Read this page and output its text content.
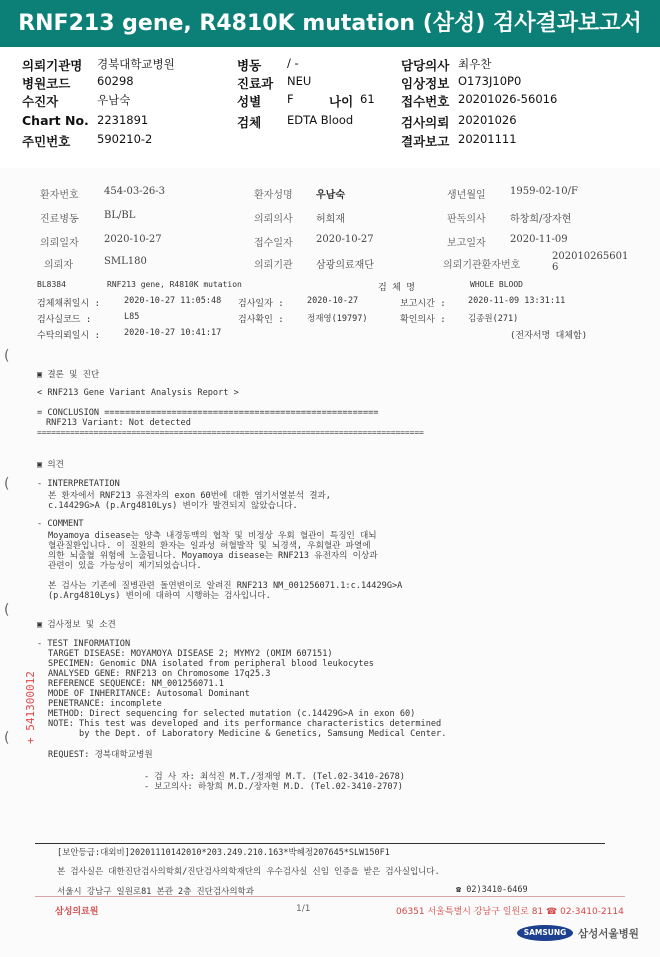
RNF213 gene, R4810K mutation (삼성) 검사결과보고서
의뢰기관명 경북대학교병원	병동 / -	담당의사 최우찬
병원코드 60298	진료과 NEU	임상정보 O173J10P0
수진자	우남숙	성별 F	나이 61 접수번호 20201026-56016
Chart No. 2231891	검체 EDTA Blood	검사의뢰 20201026
주민번호 590210-2	결과보고 20201111
환자번호	454-03-26-3	환자성명 우남숙	생년월일 1959-02-10/F
진료병동	BL/BL	의뢰의사 허희재	판독의사 하창희/장자현
의뢰일자	2020-10-27	접수일자 2020-10-27	보고일자 2020-11-09
의뢰자	SML180	의뢰기관 삼광의료재단	의뢰기관환자번호
202010265601
6
BL8384	RNF213 gene, R4810K mutation	검 체 명	WHOLE BLOOD
검체채취일시 :	2020-10-27 11:05:48 검사일자 :	2020-10-27	보고시간 :	2020-11-09 13:31:11
검사실코드 :	L85	검사확인 :	정재영(19797)	확인의사 :	김종원(271)
수탁의뢰일시 :	2020-10-27 10:41:17	(전자서명 대체함)
(
(
(
(
▣ 결론 및 진단
< RNF213 Gene Variant Analysis Report >
= CONCLUSION =====================================================
RNF213 Variant: Not detected
==================================================================================
▣ 의견
- INTERPRETATION
본 환자에서 RNF213 유전자의 exon 60번에 대한 염기서열분석 결과,
c.14429G>A (p.Arg4810Lys) 변이가 발견되지 않았습니다.
- COMMENT
Moyamoya disease는 양측 내경동맥의 협착 및 비정상 우회 혈관이 특징인 대뇌
혈관질환입니다. 이 질환의 환자는 일과성 허혈발작 및 뇌경색, 우회혈관 파열에
의한 뇌출혈 위험에 노출됩니다. Moyamoya disease는 RNF213 유전자의 이상과
관련이 있을 가능성이 제기되었습니다.
본 검사는 기존에 질병관련 돌연변이로 알려진 RNF213 NM_001256071.1:c.14429G>A
(p.Arg4810Lys) 변이에 대하여 시행하는 검사입니다.
▣ 검사정보 및 소견
- TEST INFORMATION
TARGET DISEASE: MOYAMOYA DISEASE 2; MYMY2 (OMIM 607151)
SPECIMEN: Genomic DNA isolated from peripheral blood leukocytes
ANALYSED GENE: RNF213 on Chromosome 17q25.3
REFERENCE SEQUENCE: NM_001256071.1
MODE OF INHERITANCE: Autosomal Dominant
PENETRANCE: incomplete
METHOD: Direct sequencing for selected mutation (c.14429G>A in exon 60)
NOTE: This test was developed and its performance characteristics determined
by the Dept. of Laboratory Medicine & Genetics, Samsung Medical Center.
REQUEST: 경북대학교병원
- 검 사 자: 최석진 M.T./정재영 M.T. (Tel.02-3410-2678)
- 보고의사: 하창희 M.D./장자현 M.D. (Tel.02-3410-2707)
+ 541300012
[보안등급:대외비]20201110142010*203.249.210.163*박혜정207645*SLW150F1
본 검사실은 대한진단검사의학회/진단검사의학재단의 우수검사실 신임 인증을 받은 검사실입니다.
서울시 강남구 일원로81 본관 2층 진단검사의학과	☎ 02)3410-6469
삼성의료원	1/1	06351 서울특별시 강남구 일원로 81 ☎ 02-3410-2114
SAMSUNG	삼성서울병원
